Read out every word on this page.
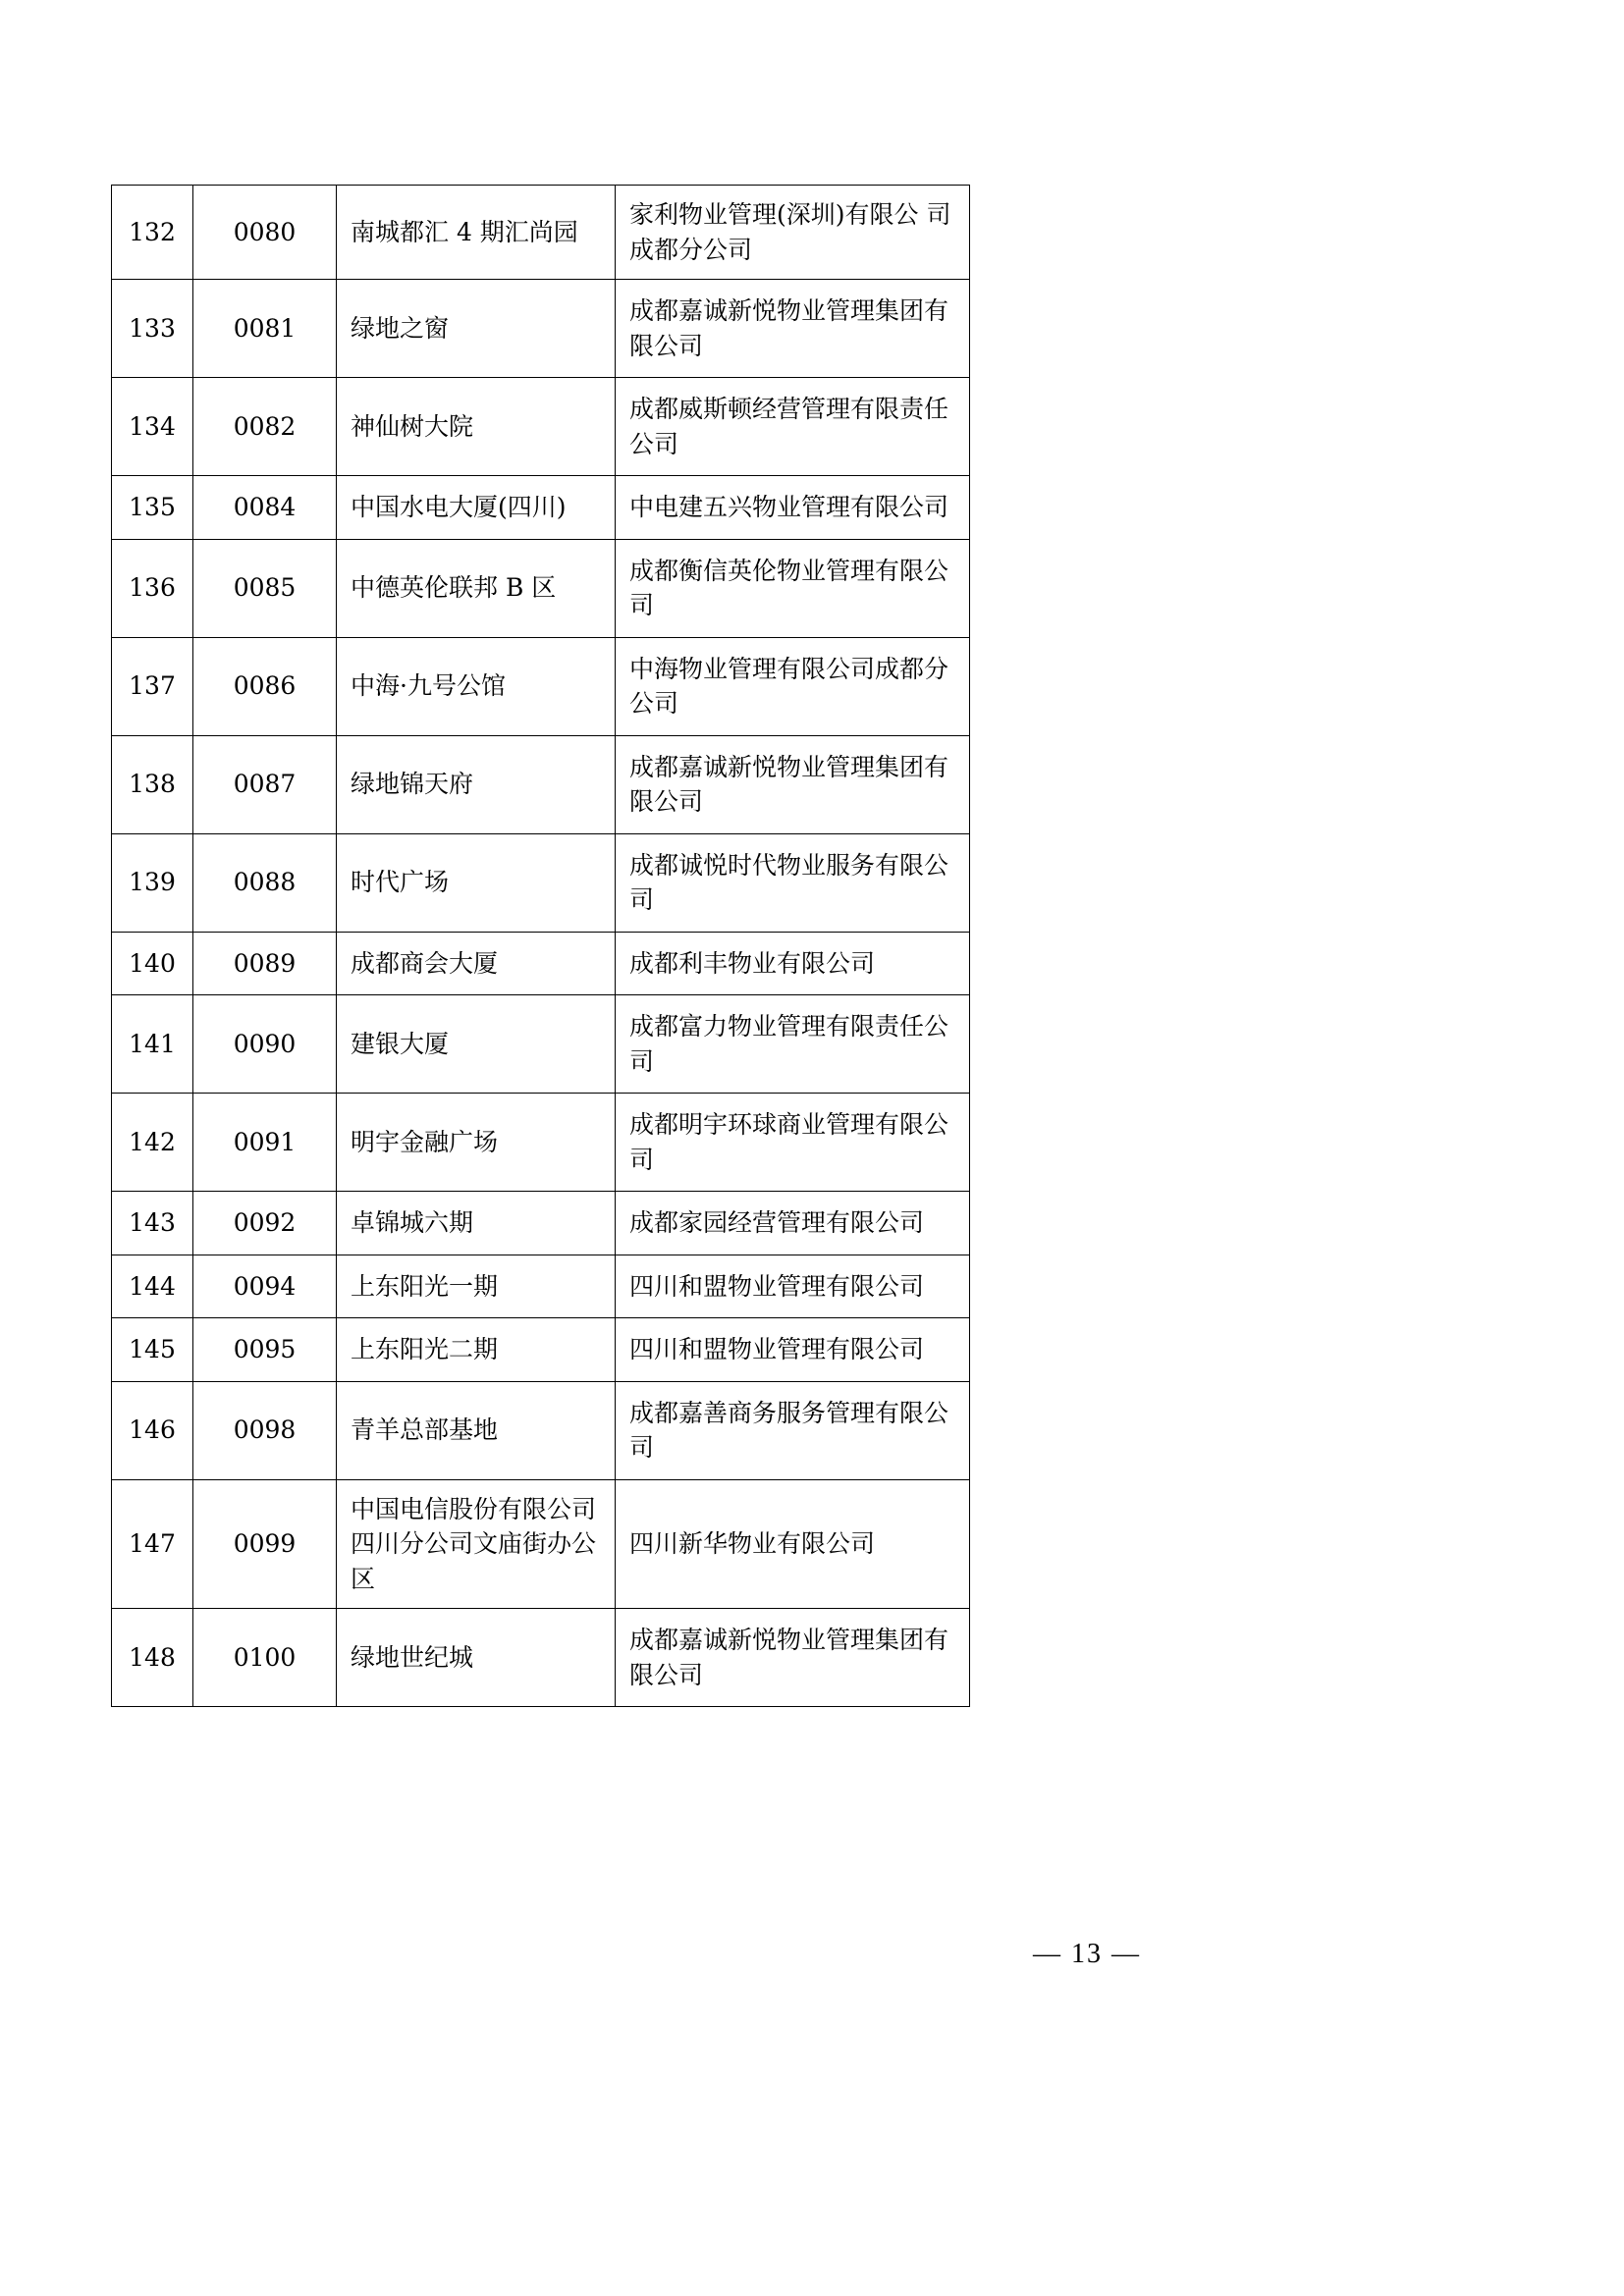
132	0080	南城都汇 4 期汇尚园	家利物业管理(深圳)有限公 司成都分公司

133	0081	绿地之窗	成都嘉诚新悦物业管理集团有限公司

134	0082	神仙树大院	成都威斯顿经营管理有限责任公司

135	0084	中国水电大厦(四川)	中电建五兴物业管理有限公司

136	0085	中德英伦联邦 B 区	成都衡信英伦物业管理有限公司

137	0086	中海·九号公馆	中海物业管理有限公司成都分公司

138	0087	绿地锦天府	成都嘉诚新悦物业管理集团有限公司

139	0088	时代广场	成都诚悦时代物业服务有限公司

140	0089	成都商会大厦	成都利丰物业有限公司

141	0090	建银大厦	成都富力物业管理有限责任公司

142	0091	明宇金融广场	成都明宇环球商业管理有限公司

143	0092	卓锦城六期	成都家园经营管理有限公司

144	0094	上东阳光一期	四川和盟物业管理有限公司

145	0095	上东阳光二期	四川和盟物业管理有限公司

146	0098	青羊总部基地	成都嘉善商务服务管理有限公司

147	0099	中国电信股份有限公司四川分公司文庙街办公区	四川新华物业有限公司

148	0100	绿地世纪城	成都嘉诚新悦物业管理集团有限公司
— 13 —
